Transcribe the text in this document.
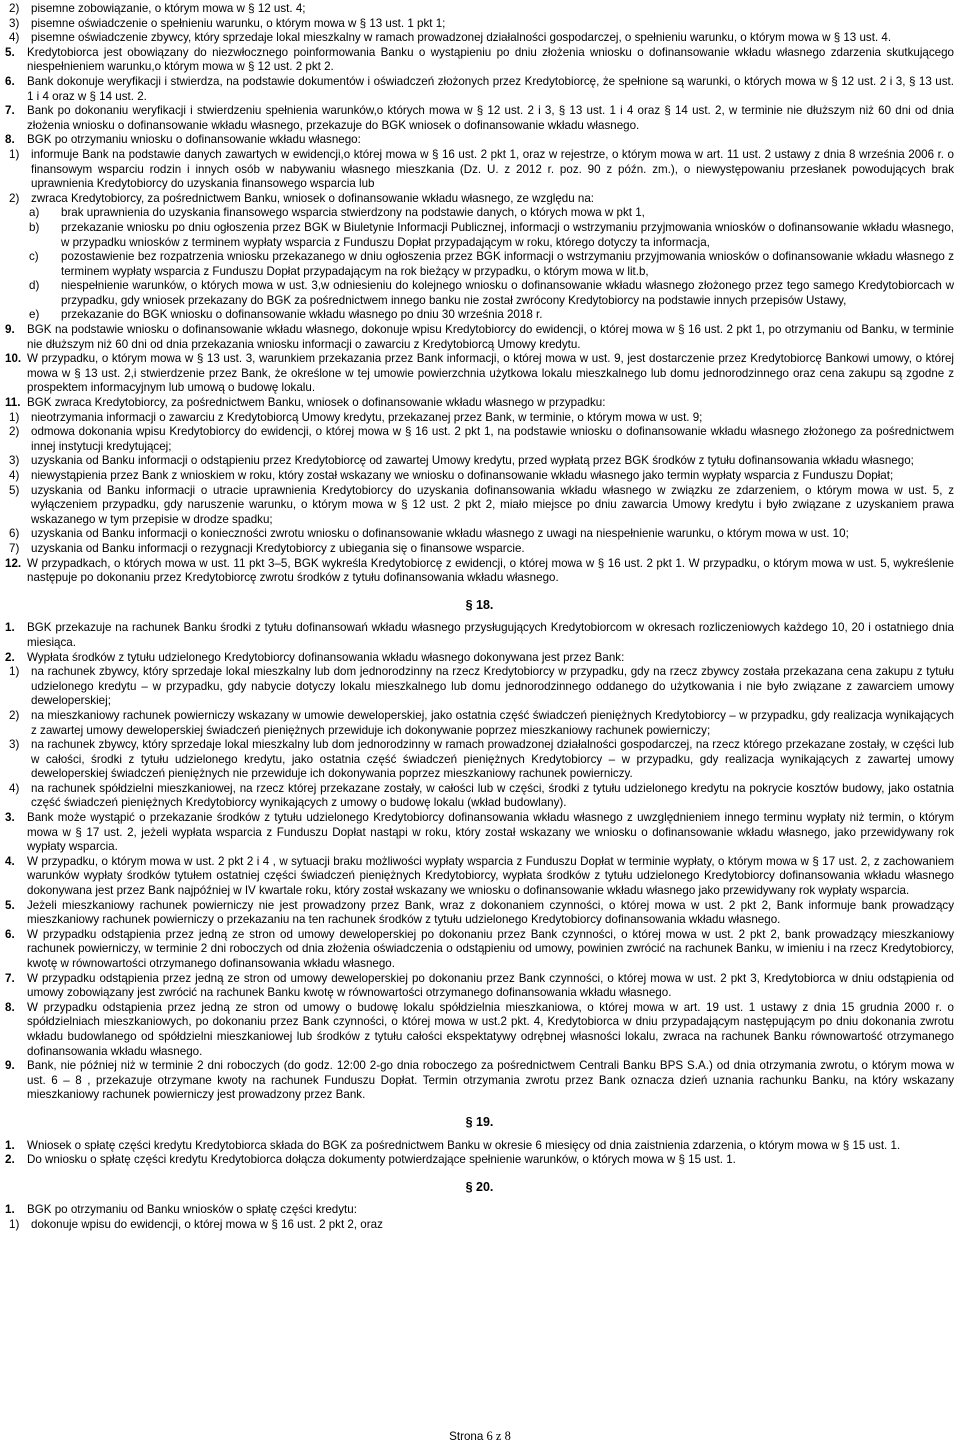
2) pisemne zobowiązanie, o którym mowa w § 12 ust. 4;
3) pisemne oświadczenie o spełnieniu warunku, o którym mowa w § 13 ust. 1 pkt 1;
4) pisemne oświadczenie zbywcy, który sprzedaje lokal mieszkalny w ramach prowadzonej działalności gospodarczej, o spełnieniu warunku, o którym mowa w § 13 ust. 4.
5. Kredytobiorca jest obowiązany do niezwłocznego poinformowania Banku o wystąpieniu po dniu złożenia wniosku o dofinansowanie wkładu własnego zdarzenia skutkującego niespełnieniem warunku,o którym mowa w § 12 ust. 2 pkt 2.
6. Bank dokonuje weryfikacji i stwierdza, na podstawie dokumentów i oświadczeń złożonych przez Kredytobiorcę, że spełnione są warunki, o których mowa w § 12 ust. 2 i 3, § 13 ust. 1 i 4 oraz w § 14 ust. 2.
7. Bank po dokonaniu weryfikacji i stwierdzeniu spełnienia warunków,o których mowa w § 12 ust. 2 i 3, § 13 ust. 1 i 4 oraz § 14 ust. 2, w terminie nie dłuższym niż 60 dni od dnia złożenia wniosku o dofinansowanie wkładu własnego, przekazuje do BGK wniosek o dofinansowanie wkładu własnego.
8. BGK po otrzymaniu wniosku o dofinansowanie wkładu własnego:
1) informuje Bank na podstawie danych zawartych w ewidencji,o której mowa w § 16 ust. 2 pkt 1, oraz w rejestrze, o którym mowa w art. 11 ust. 2 ustawy z dnia 8 września 2006 r. o finansowym wsparciu rodzin i innych osób w nabywaniu własnego mieszkania (Dz. U. z 2012 r. poz. 90 z późn. zm.), o niewystępowaniu przesłanek powodujących brak uprawnienia Kredytobiorcy do uzyskania finansowego wsparcia lub
2) zwraca Kredytobiorcy, za pośrednictwem Banku, wniosek o dofinansowanie wkładu własnego, ze względu na:
a) brak uprawnienia do uzyskania finansowego wsparcia stwierdzony na podstawie danych, o których mowa w pkt 1,
b) przekazanie wniosku po dniu ogłoszenia przez BGK w Biuletynie Informacji Publicznej, informacji o wstrzymaniu przyjmowania wniosków o dofinansowanie wkładu własnego, w przypadku wniosków z terminem wypłaty wsparcia z Funduszu Dopłat przypadającym w roku, którego dotyczy ta informacja,
c) pozostawienie bez rozpatrzenia wniosku przekazanego w dniu ogłoszenia przez BGK informacji o wstrzymaniu przyjmowania wniosków o dofinansowanie wkładu własnego z terminem wypłaty wsparcia z Funduszu Dopłat przypadającym na rok bieżący w przypadku, o którym mowa w lit.b,
d) niespełnienie warunków, o których mowa w ust. 3,w odniesieniu do kolejnego wniosku o dofinansowanie wkładu własnego złożonego przez tego samego Kredytobiorcach w przypadku, gdy wniosek przekazany do BGK za pośrednictwem innego banku nie został zwrócony Kredytobiorcy na podstawie innych przepisów Ustawy,
e) przekazanie do BGK wniosku o dofinansowanie wkładu własnego po dniu 30 września 2018 r.
9. BGK na podstawie wniosku o dofinansowanie wkładu własnego, dokonuje wpisu Kredytobiorcy do ewidencji, o której mowa w § 16 ust. 2 pkt 1, po otrzymaniu od Banku, w terminie nie dłuższym niż 60 dni od dnia przekazania wniosku informacji o zawarciu z Kredytobiorcą Umowy kredytu.
10. W przypadku, o którym mowa w § 13 ust. 3, warunkiem przekazania przez Bank informacji, o której mowa w ust. 9, jest dostarczenie przez Kredytobiorcę Bankowi umowy, o której mowa w § 13 ust. 2,i stwierdzenie przez Bank, że określone w tej umowie powierzchnia użytkowa lokalu mieszkalnego lub domu jednorodzinnego oraz cena zakupu są zgodne z prospektem informacyjnym lub umową o budowę lokalu.
11. BGK zwraca Kredytobiorcy, za pośrednictwem Banku, wniosek o dofinansowanie wkładu własnego w przypadku:
1) nieotrzymania informacji o zawarciu z Kredytobiorcą Umowy kredytu, przekazanej przez Bank, w terminie, o którym mowa w ust. 9;
2) odmowa dokonania wpisu Kredytobiorcy do ewidencji, o której mowa w § 16 ust. 2 pkt 1, na podstawie wniosku o dofinansowanie wkładu własnego złożonego za pośrednictwem innej instytucji kredytującej;
3) uzyskania od Banku informacji o odstąpieniu przez Kredytobiorcę od zawartej Umowy kredytu, przed wypłatą przez BGK środków z tytułu dofinansowania wkładu własnego;
4) niewystąpienia przez Bank z wnioskiem w roku, który został wskazany we wniosku o dofinansowanie wkładu własnego jako termin wypłaty wsparcia z Funduszu Dopłat;
5) uzyskania od Banku informacji o utracie uprawnienia Kredytobiorcy do uzyskania dofinansowania wkładu własnego w związku ze zdarzeniem, o którym mowa w ust. 5, z wyłączeniem przypadku, gdy naruszenie warunku, o którym mowa w § 12 ust. 2 pkt 2, miało miejsce po dniu zawarcia Umowy kredytu i było związane z uzyskaniem prawa wskazanego w tym przepisie w drodze spadku;
6) uzyskania od Banku informacji o konieczności zwrotu wniosku o dofinansowanie wkładu własnego z uwagi na niespełnienie warunku, o którym mowa w ust. 10;
7) uzyskania od Banku informacji o rezygnacji Kredytobiorcy z ubiegania się o finansowe wsparcie.
12. W przypadkach, o których mowa w ust. 11 pkt 3–5, BGK wykreśla Kredytobiorcę z ewidencji, o której mowa w § 16 ust. 2 pkt 1. W przypadku, o którym mowa w ust. 5, wykreślenie następuje po dokonaniu przez Kredytobiorcę zwrotu środków z tytułu dofinansowania wkładu własnego.
§ 18.
1. BGK przekazuje na rachunek Banku środki z tytułu dofinansowań wkładu własnego przysługujących Kredytobiorcom w okresach rozliczeniowych każdego 10, 20 i ostatniego dnia miesiąca.
2. Wypłata środków z tytułu udzielonego Kredytobiorcy dofinansowania wkładu własnego dokonywana jest przez Bank:
1) na rachunek zbywcy, który sprzedaje lokal mieszkalny lub dom jednorodzinny na rzecz Kredytobiorcy w przypadku, gdy na rzecz zbywcy została przekazana cena zakupu z tytułu udzielonego kredytu – w przypadku, gdy nabycie dotyczy lokalu mieszkalnego lub domu jednorodzinnego oddanego do użytkowania i nie było związane z zawarciem umowy deweloperskiej;
2) na mieszkaniowy rachunek powierniczy wskazany w umowie deweloperskiej, jako ostatnia część świadczeń pieniężnych Kredytobiorcy – w przypadku, gdy realizacja wynikających z zawartej umowy deweloperskiej świadczeń pieniężnych przewiduje ich dokonywanie poprzez mieszkaniowy rachunek powierniczy;
3) na rachunek zbywcy, który sprzedaje lokal mieszkalny lub dom jednorodzinny w ramach prowadzonej działalności gospodarczej, na rzecz którego przekazane zostały, w części lub w całości, środki z tytułu udzielonego kredytu, jako ostatnia część świadczeń pieniężnych Kredytobiorcy – w przypadku, gdy realizacja wynikających z zawartej umowy deweloperskiej świadczeń pieniężnych nie przewiduje ich dokonywania poprzez mieszkaniowy rachunek powierniczy.
4) na rachunek spółdzielni mieszkaniowej, na rzecz której przekazane zostały, w całości lub w części, środki z tytułu udzielonego kredytu na pokrycie kosztów budowy, jako ostatnia część świadczeń pieniężnych Kredytobiorcy wynikających z umowy o budowę lokalu (wkład budowlany).
3. Bank może wystąpić o przekazanie środków z tytułu udzielonego Kredytobiorcy dofinansowania wkładu własnego z uwzględnieniem innego terminu wypłaty niż termin, o którym mowa w § 17 ust. 2, jeżeli wypłata wsparcia z Funduszu Dopłat nastąpi w roku, który został wskazany we wniosku o dofinansowanie wkładu własnego, jako przewidywany rok wypłaty wsparcia.
4. W przypadku, o którym mowa w ust. 2 pkt 2 i 4 , w sytuacji braku możliwości wypłaty wsparcia z Funduszu Dopłat w terminie wypłaty, o którym mowa w § 17 ust. 2, z zachowaniem warunków wypłaty środków tytułem ostatniej części świadczeń pieniężnych Kredytobiorcy, wypłata środków z tytułu udzielonego Kredytobiorcy dofinansowania wkładu własnego dokonywana jest przez Bank najpóźniej w IV kwartale roku, który został wskazany we wniosku o dofinansowanie wkładu własnego jako przewidywany rok wypłaty wsparcia.
5. Jeżeli mieszkaniowy rachunek powierniczy nie jest prowadzony przez Bank, wraz z dokonaniem czynności, o której mowa w ust. 2 pkt 2, Bank informuje bank prowadzący mieszkaniowy rachunek powierniczy o przekazaniu na ten rachunek środków z tytułu udzielonego Kredytobiorcy dofinansowania wkładu własnego.
6. W przypadku odstąpienia przez jedną ze stron od umowy deweloperskiej po dokonaniu przez Bank czynności, o której mowa w ust. 2 pkt 2, bank prowadzący mieszkaniowy rachunek powierniczy, w terminie 2 dni roboczych od dnia złożenia oświadczenia o odstąpieniu od umowy, powinien zwrócić na rachunek Banku, w imieniu i na rzecz Kredytobiorcy, kwotę w równowartości otrzymanego dofinansowania wkładu własnego.
7. W przypadku odstąpienia przez jedną ze stron od umowy deweloperskiej po dokonaniu przez Bank czynności, o której mowa w ust. 2 pkt 3, Kredytobiorca w dniu odstąpienia od umowy zobowiązany jest zwrócić na rachunek Banku kwotę w równowartości otrzymanego dofinansowania wkładu własnego.
8. W przypadku odstąpienia przez jedną ze stron od umowy o budowę lokalu spółdzielnia mieszkaniowa, o której mowa w art. 19 ust. 1 ustawy z dnia 15 grudnia 2000 r. o spółdzielniach mieszkaniowych, po dokonaniu przez Bank czynności, o której mowa w ust.2 pkt. 4, Kredytobiorca w dniu przypadającym następującym po dniu dokonania zwrotu wkładu budowlanego od spółdzielni mieszkaniowej lub środków z tytułu całości ekspektatywy odrębnej własności lokalu, zwraca na rachunek Banku równowartość otrzymanego dofinansowania wkładu własnego.
9. Bank, nie później niż w terminie 2 dni roboczych (do godz. 12:00 2-go dnia roboczego za pośrednictwem Centrali Banku BPS S.A.) od dnia otrzymania zwrotu, o którym mowa w ust. 6 – 8 , przekazuje otrzymane kwoty na rachunek Funduszu Dopłat. Termin otrzymania zwrotu przez Bank oznacza dzień uznania rachunku Banku, na który wskazany mieszkaniowy rachunek powierniczy jest prowadzony przez Bank.
§ 19.
1. Wniosek o spłatę części kredytu Kredytobiorca składa do BGK za pośrednictwem Banku w okresie 6 miesięcy od dnia zaistnienia zdarzenia, o którym mowa w § 15 ust. 1.
2. Do wniosku o spłatę części kredytu Kredytobiorca dołącza dokumenty potwierdzające spełnienie warunków, o których mowa w § 15 ust. 1.
§ 20.
1. BGK po otrzymaniu od Banku wniosków o spłatę części kredytu:
1) dokonuje wpisu do ewidencji, o której mowa w § 16 ust. 2 pkt 2, oraz
Strona 6 z 8
